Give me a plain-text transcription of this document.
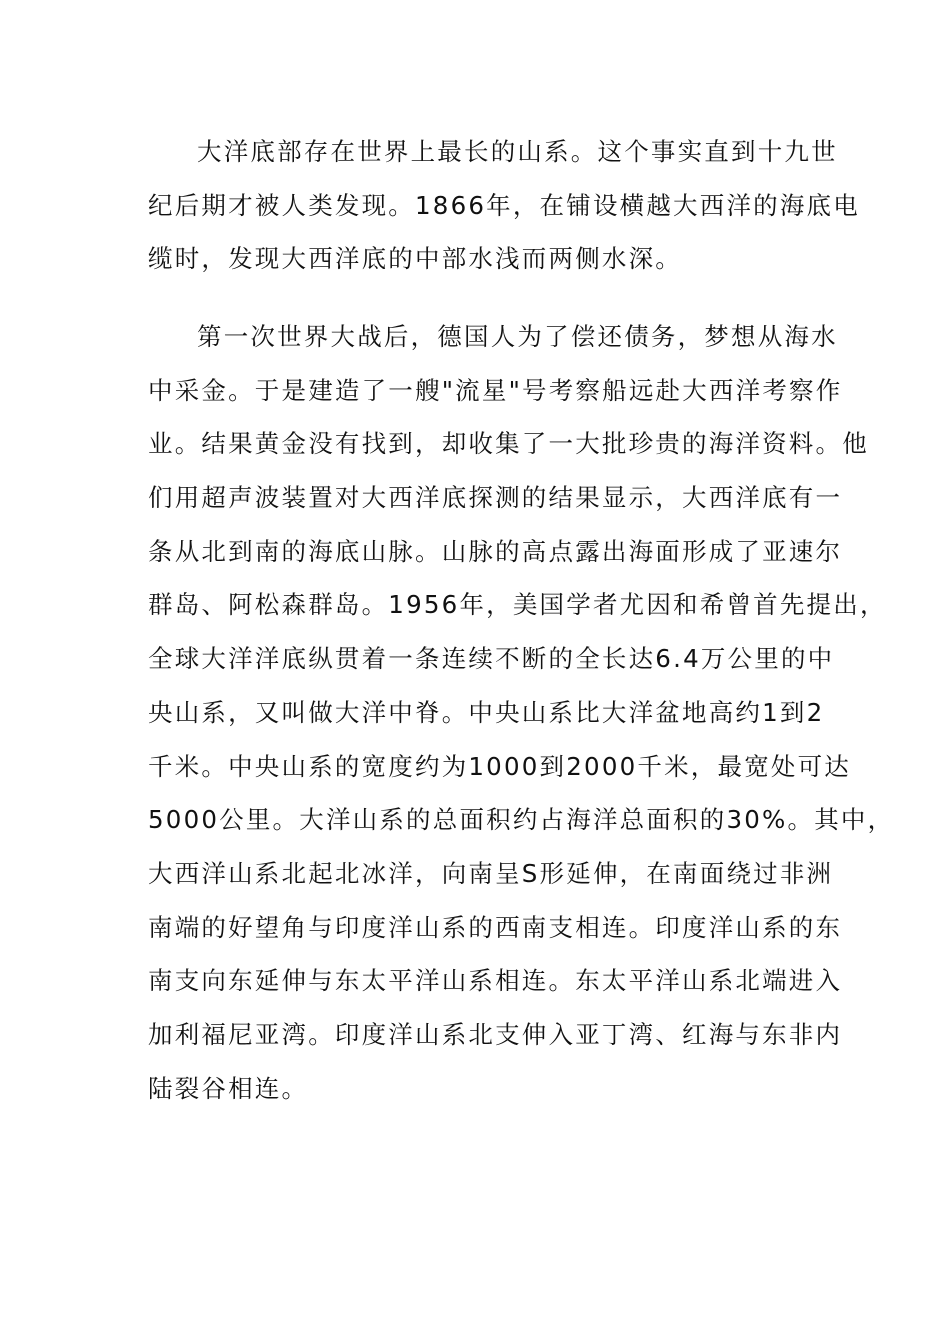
大洋底部存在世界上最长的山系。这个事实直到十九世
纪后期才被人类发现。1866年，在铺设横越大西洋的海底电
缆时，发现大西洋底的中部水浅而两侧水深。
第一次世界大战后，德国人为了偿还债务，梦想从海水
中采金。于是建造了一艘"流星"号考察船远赴大西洋考察作
业。结果黄金没有找到，却收集了一大批珍贵的海洋资料。他
们用超声波装置对大西洋底探测的结果显示，大西洋底有一
条从北到南的海底山脉。山脉的高点露出海面形成了亚速尔
群岛、阿松森群岛。1956年，美国学者尤因和希曾首先提出，
全球大洋洋底纵贯着一条连续不断的全长达6.4万公里的中
央山系，又叫做大洋中脊。中央山系比大洋盆地高约1到2
千米。中央山系的宽度约为1000到2000千米，最宽处可达
5000公里。大洋山系的总面积约占海洋总面积的30%。其中，
大西洋山系北起北冰洋，向南呈S形延伸，在南面绕过非洲
南端的好望角与印度洋山系的西南支相连。印度洋山系的东
南支向东延伸与东太平洋山系相连。东太平洋山系北端进入
加利福尼亚湾。印度洋山系北支伸入亚丁湾、红海与东非内
陆裂谷相连。
